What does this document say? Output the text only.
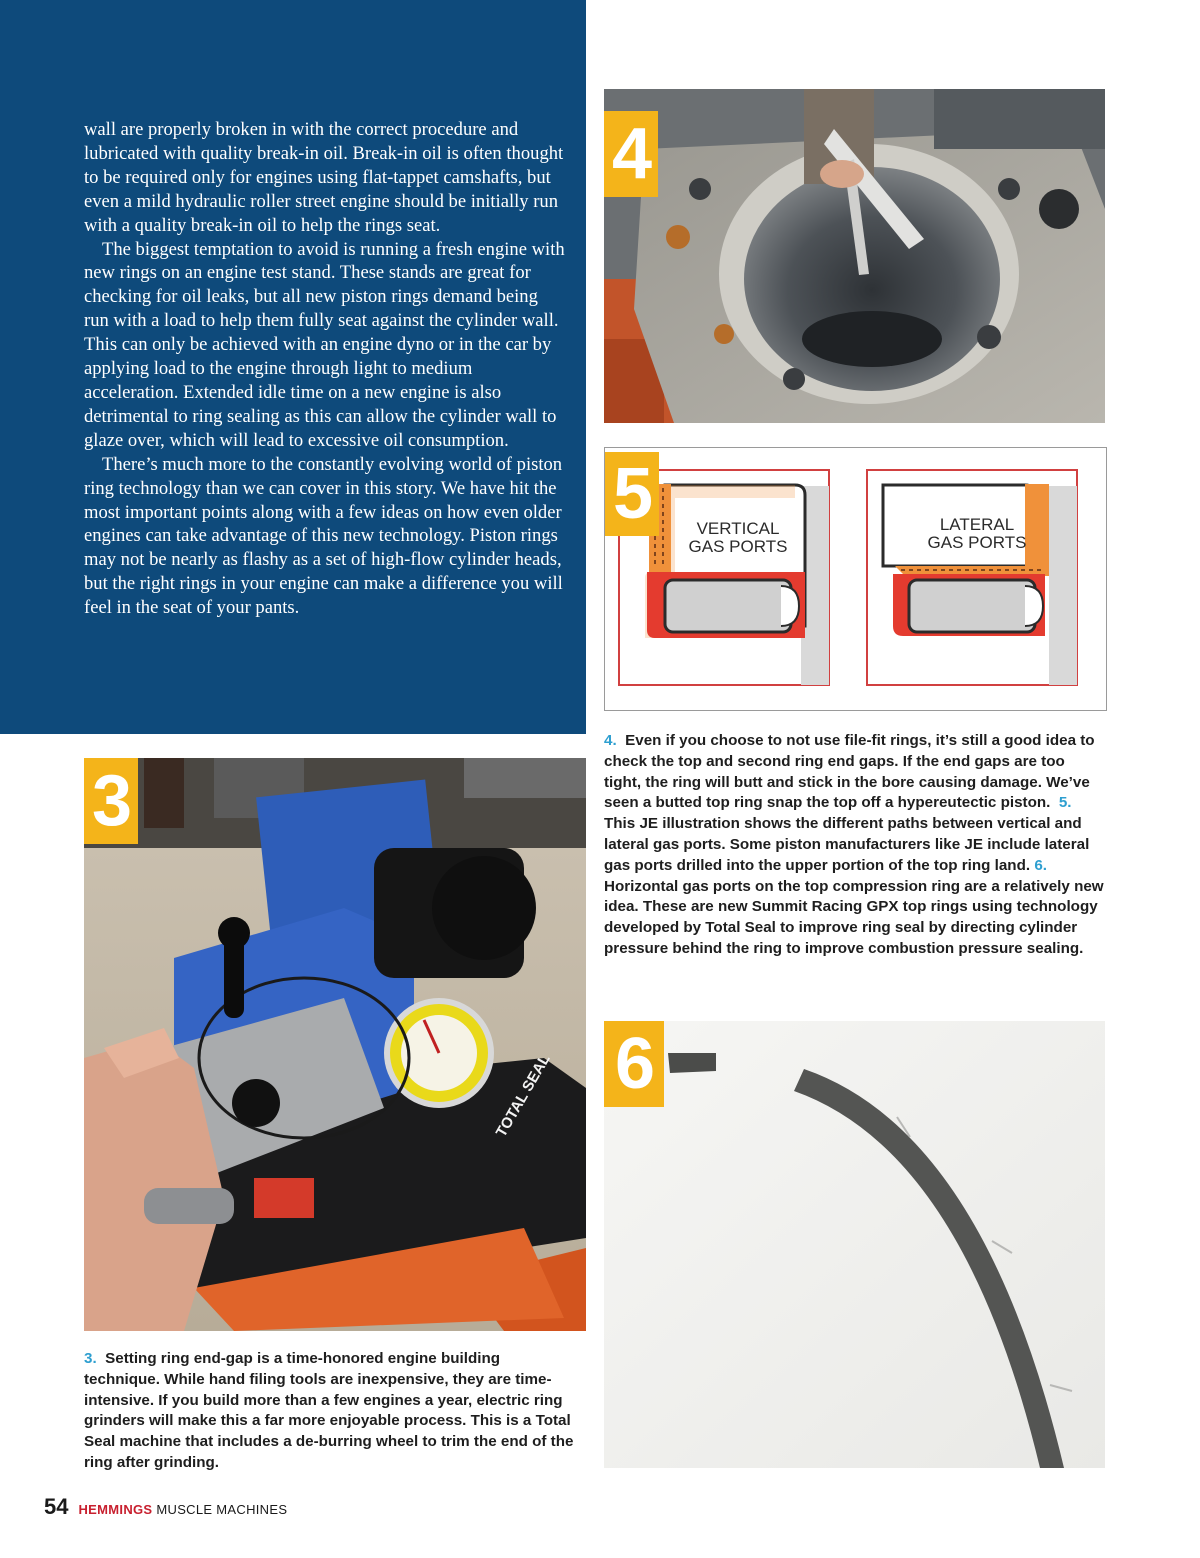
wall are properly broken in with the correct procedure and lubricated with quality break-in oil. Break-in oil is often thought to be required only for engines using flat-tappet camshafts, but even a mild hydraulic roller street engine should be initially run with a quality break-in oil to help the rings seat.

The biggest temptation to avoid is running a fresh engine with new rings on an engine test stand. These stands are great for checking for oil leaks, but all new piston rings demand being run with a load to help them fully seat against the cylinder wall. This can only be achieved with an engine dyno or in the car by applying load to the engine through light to medium acceleration. Extended idle time on a new engine is also detrimental to ring sealing as this can allow the cylinder wall to glaze over, which will lead to excessive oil consumption.

There’s much more to the constantly evolving world of piston ring technology than we can cover in this story. We have hit the most important points along with a few ideas on how even older engines can take advantage of this new technology. Piston rings may not be nearly as flashy as a set of high-flow cylinder heads, but the right rings in your engine can make a difference you will feel in the seat of your pants.

4
VERTICAL
GAS PORTS
LATERAL
GAS PORTS
5
4. Even if you choose to not use file-fit rings, it’s still a good idea to check the top and second ring end gaps. If the end gaps are too tight, the ring will butt and stick in the bore causing damage. We’ve seen a butted top ring snap the top off a hypereutectic piston. 5.  This JE illustration shows the different paths between vertical and lateral gas ports. Some piston manufacturers like JE include lateral gas ports drilled into the upper portion of the top ring land. 6. Horizontal gas ports on the top compression ring are a relatively new idea. These are new Summit Racing GPX top rings using technology developed by Total Seal to improve ring seal by directing cylinder pressure behind the ring to improve combustion pressure sealing.
TOTAL SEAL
3
3. Setting ring end-gap is a time-honored engine building technique. While hand filing tools are inexpensive, they are time-intensive. If you build more than a few engines a year, electric ring grinders will make this a far more enjoyable process. This is a Total Seal machine that includes a de-burring wheel to trim the end of the ring after grinding.
6
54 HEMMINGS MUSCLE MACHINES
